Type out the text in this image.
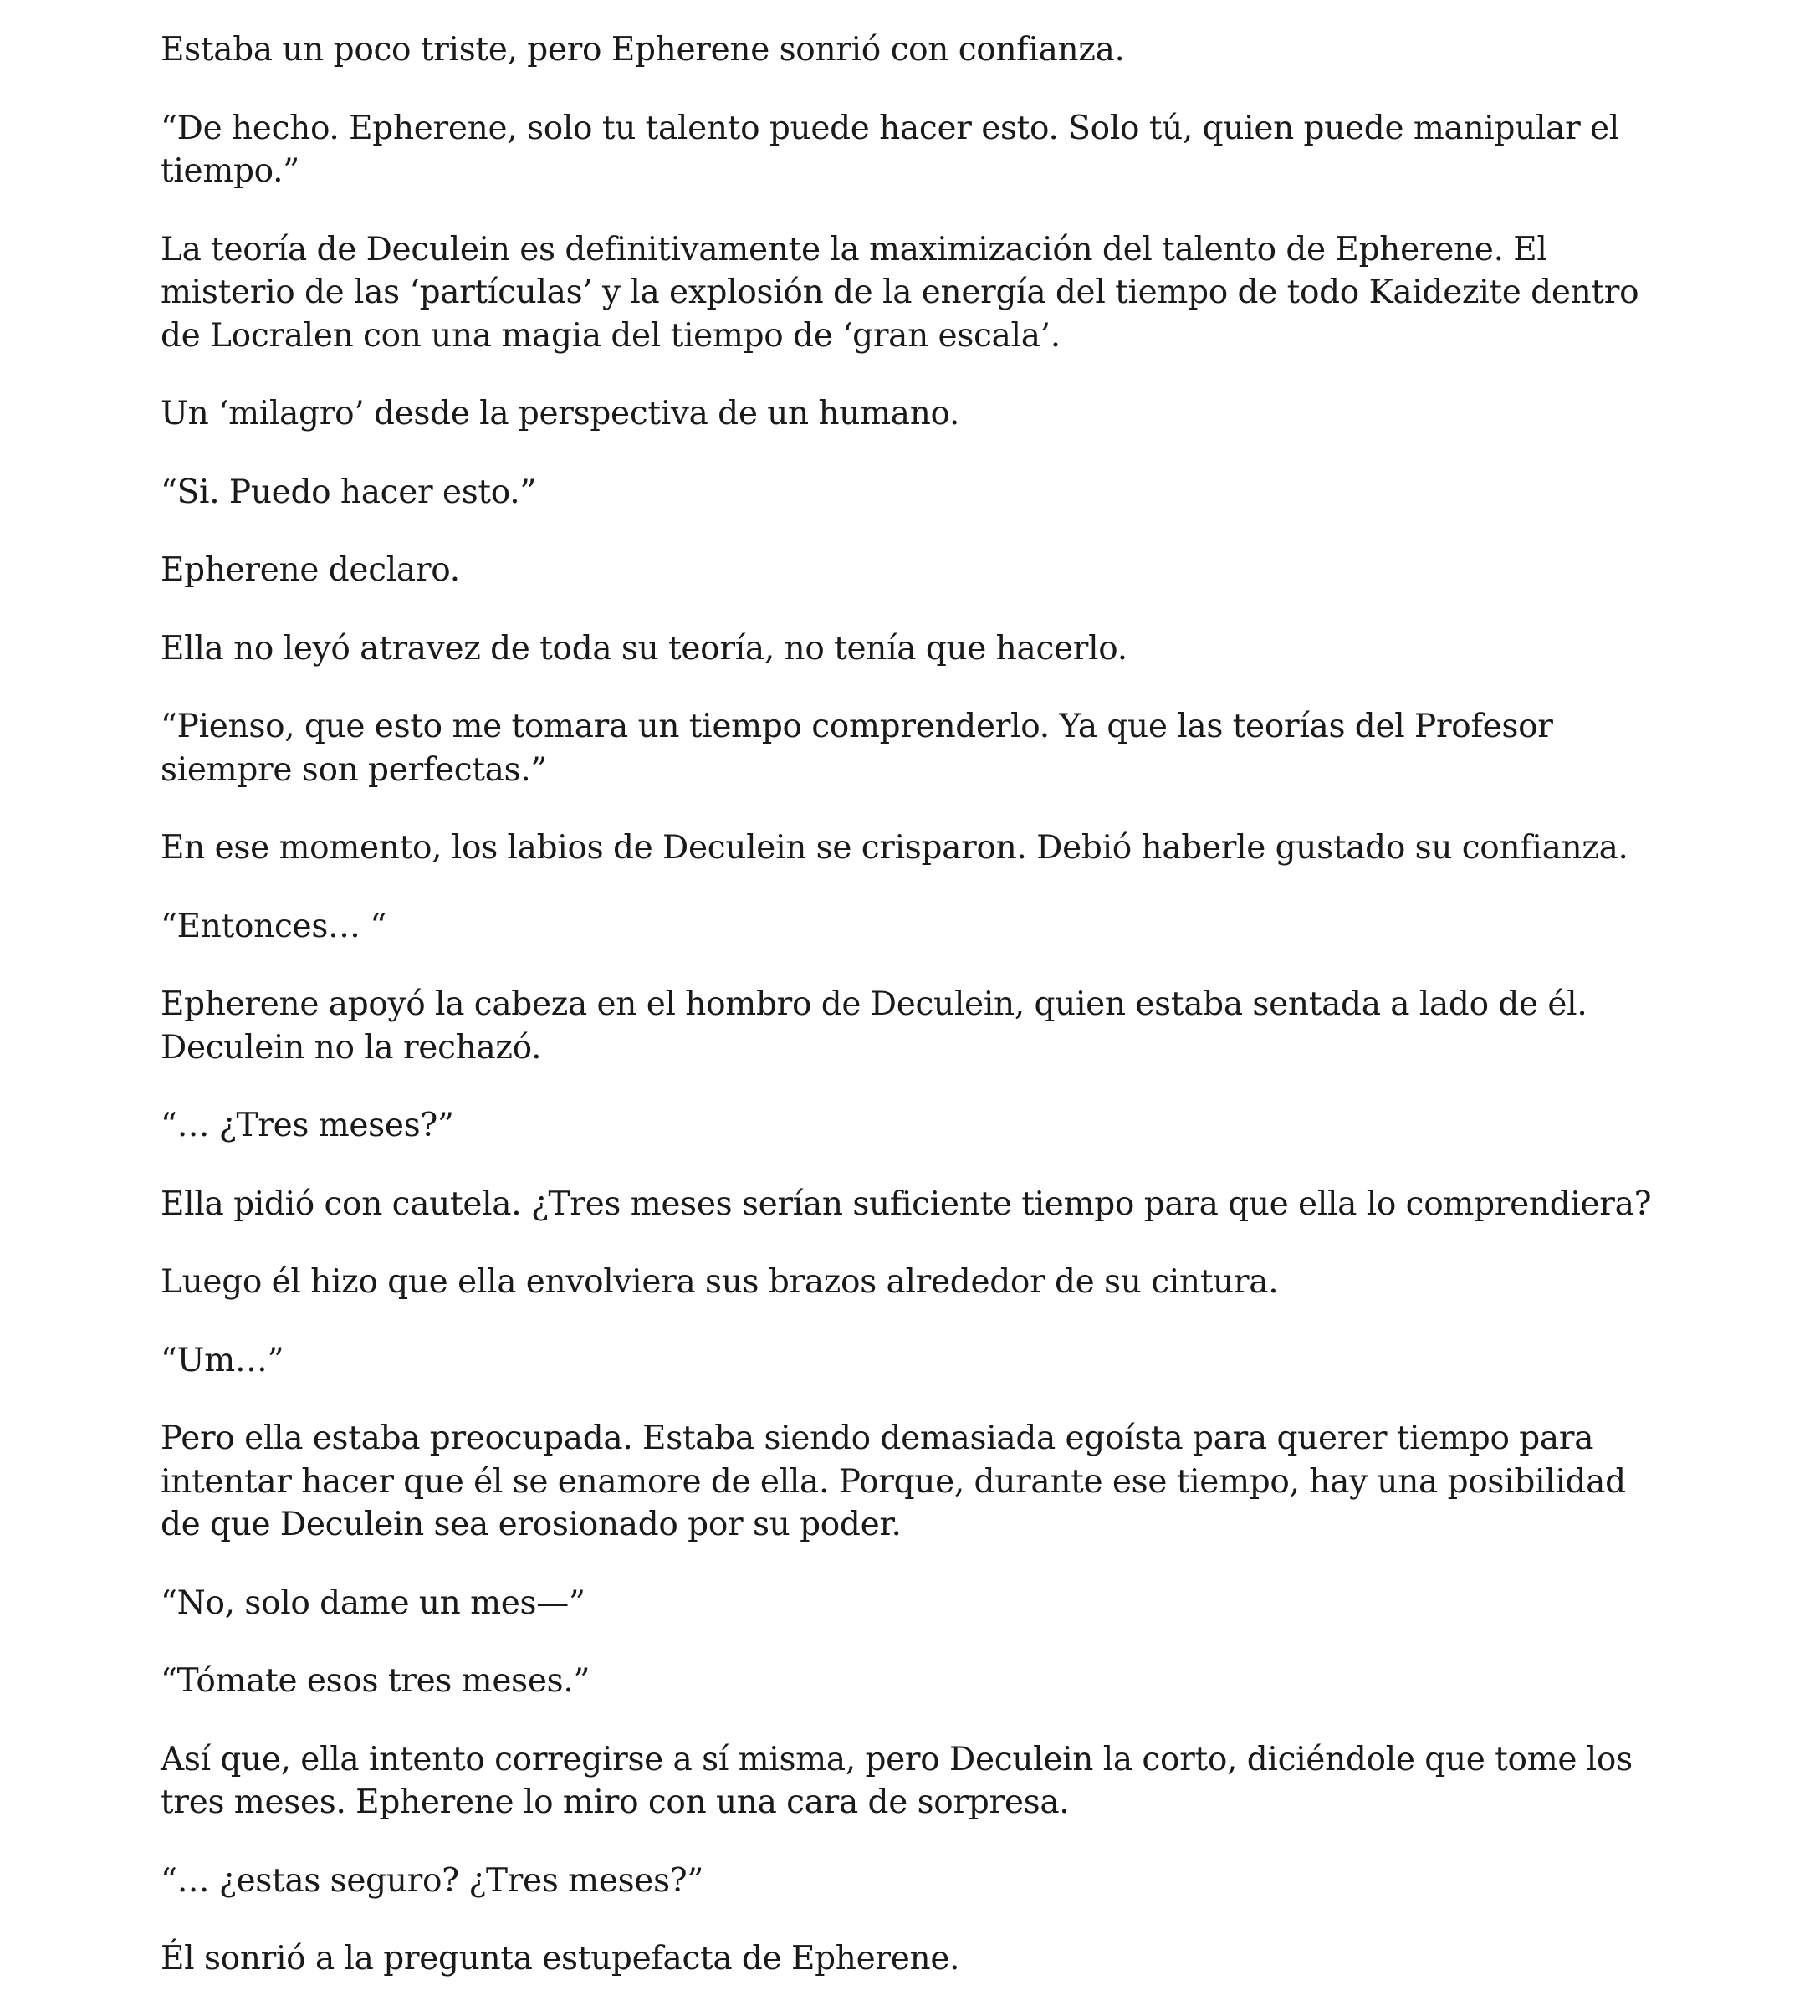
Estaba un poco triste, pero Epherene sonrió con confianza.

“De hecho. Epherene, solo tu talento puede hacer esto. Solo tú, quien puede manipular el tiempo.”

La teoría de Deculein es definitivamente la maximización del talento de Epherene. El misterio de las ‘partículas’ y la explosión de la energía del tiempo de todo Kaidezite dentro de Locralen con una magia del tiempo de ‘gran escala’.

Un ‘milagro’ desde la perspectiva de un humano.

“Si. Puedo hacer esto.”

Epherene declaro.

Ella no leyó atravez de toda su teoría, no tenía que hacerlo.

“Pienso, que esto me tomara un tiempo comprenderlo. Ya que las teorías del Profesor siempre son perfectas.”

En ese momento, los labios de Deculein se crisparon. Debió haberle gustado su confianza.

“Entonces… “

Epherene apoyó la cabeza en el hombro de Deculein, quien estaba sentada a lado de él. Deculein no la rechazó.

“… ¿Tres meses?”

Ella pidió con cautela. ¿Tres meses serían suficiente tiempo para que ella lo comprendiera?

Luego él hizo que ella envolviera sus brazos alrededor de su cintura.

“Um…”

Pero ella estaba preocupada. Estaba siendo demasiada egoísta para querer tiempo para intentar hacer que él se enamore de ella. Porque, durante ese tiempo, hay una posibilidad de que Deculein sea erosionado por su poder.

“No, solo dame un mes—”

“Tómate esos tres meses.”

Así que, ella intento corregirse a sí misma, pero Deculein la corto, diciéndole que tome los tres meses. Epherene lo miro con una cara de sorpresa.

“… ¿estas seguro? ¿Tres meses?”

Él sonrió a la pregunta estupefacta de Epherene.
